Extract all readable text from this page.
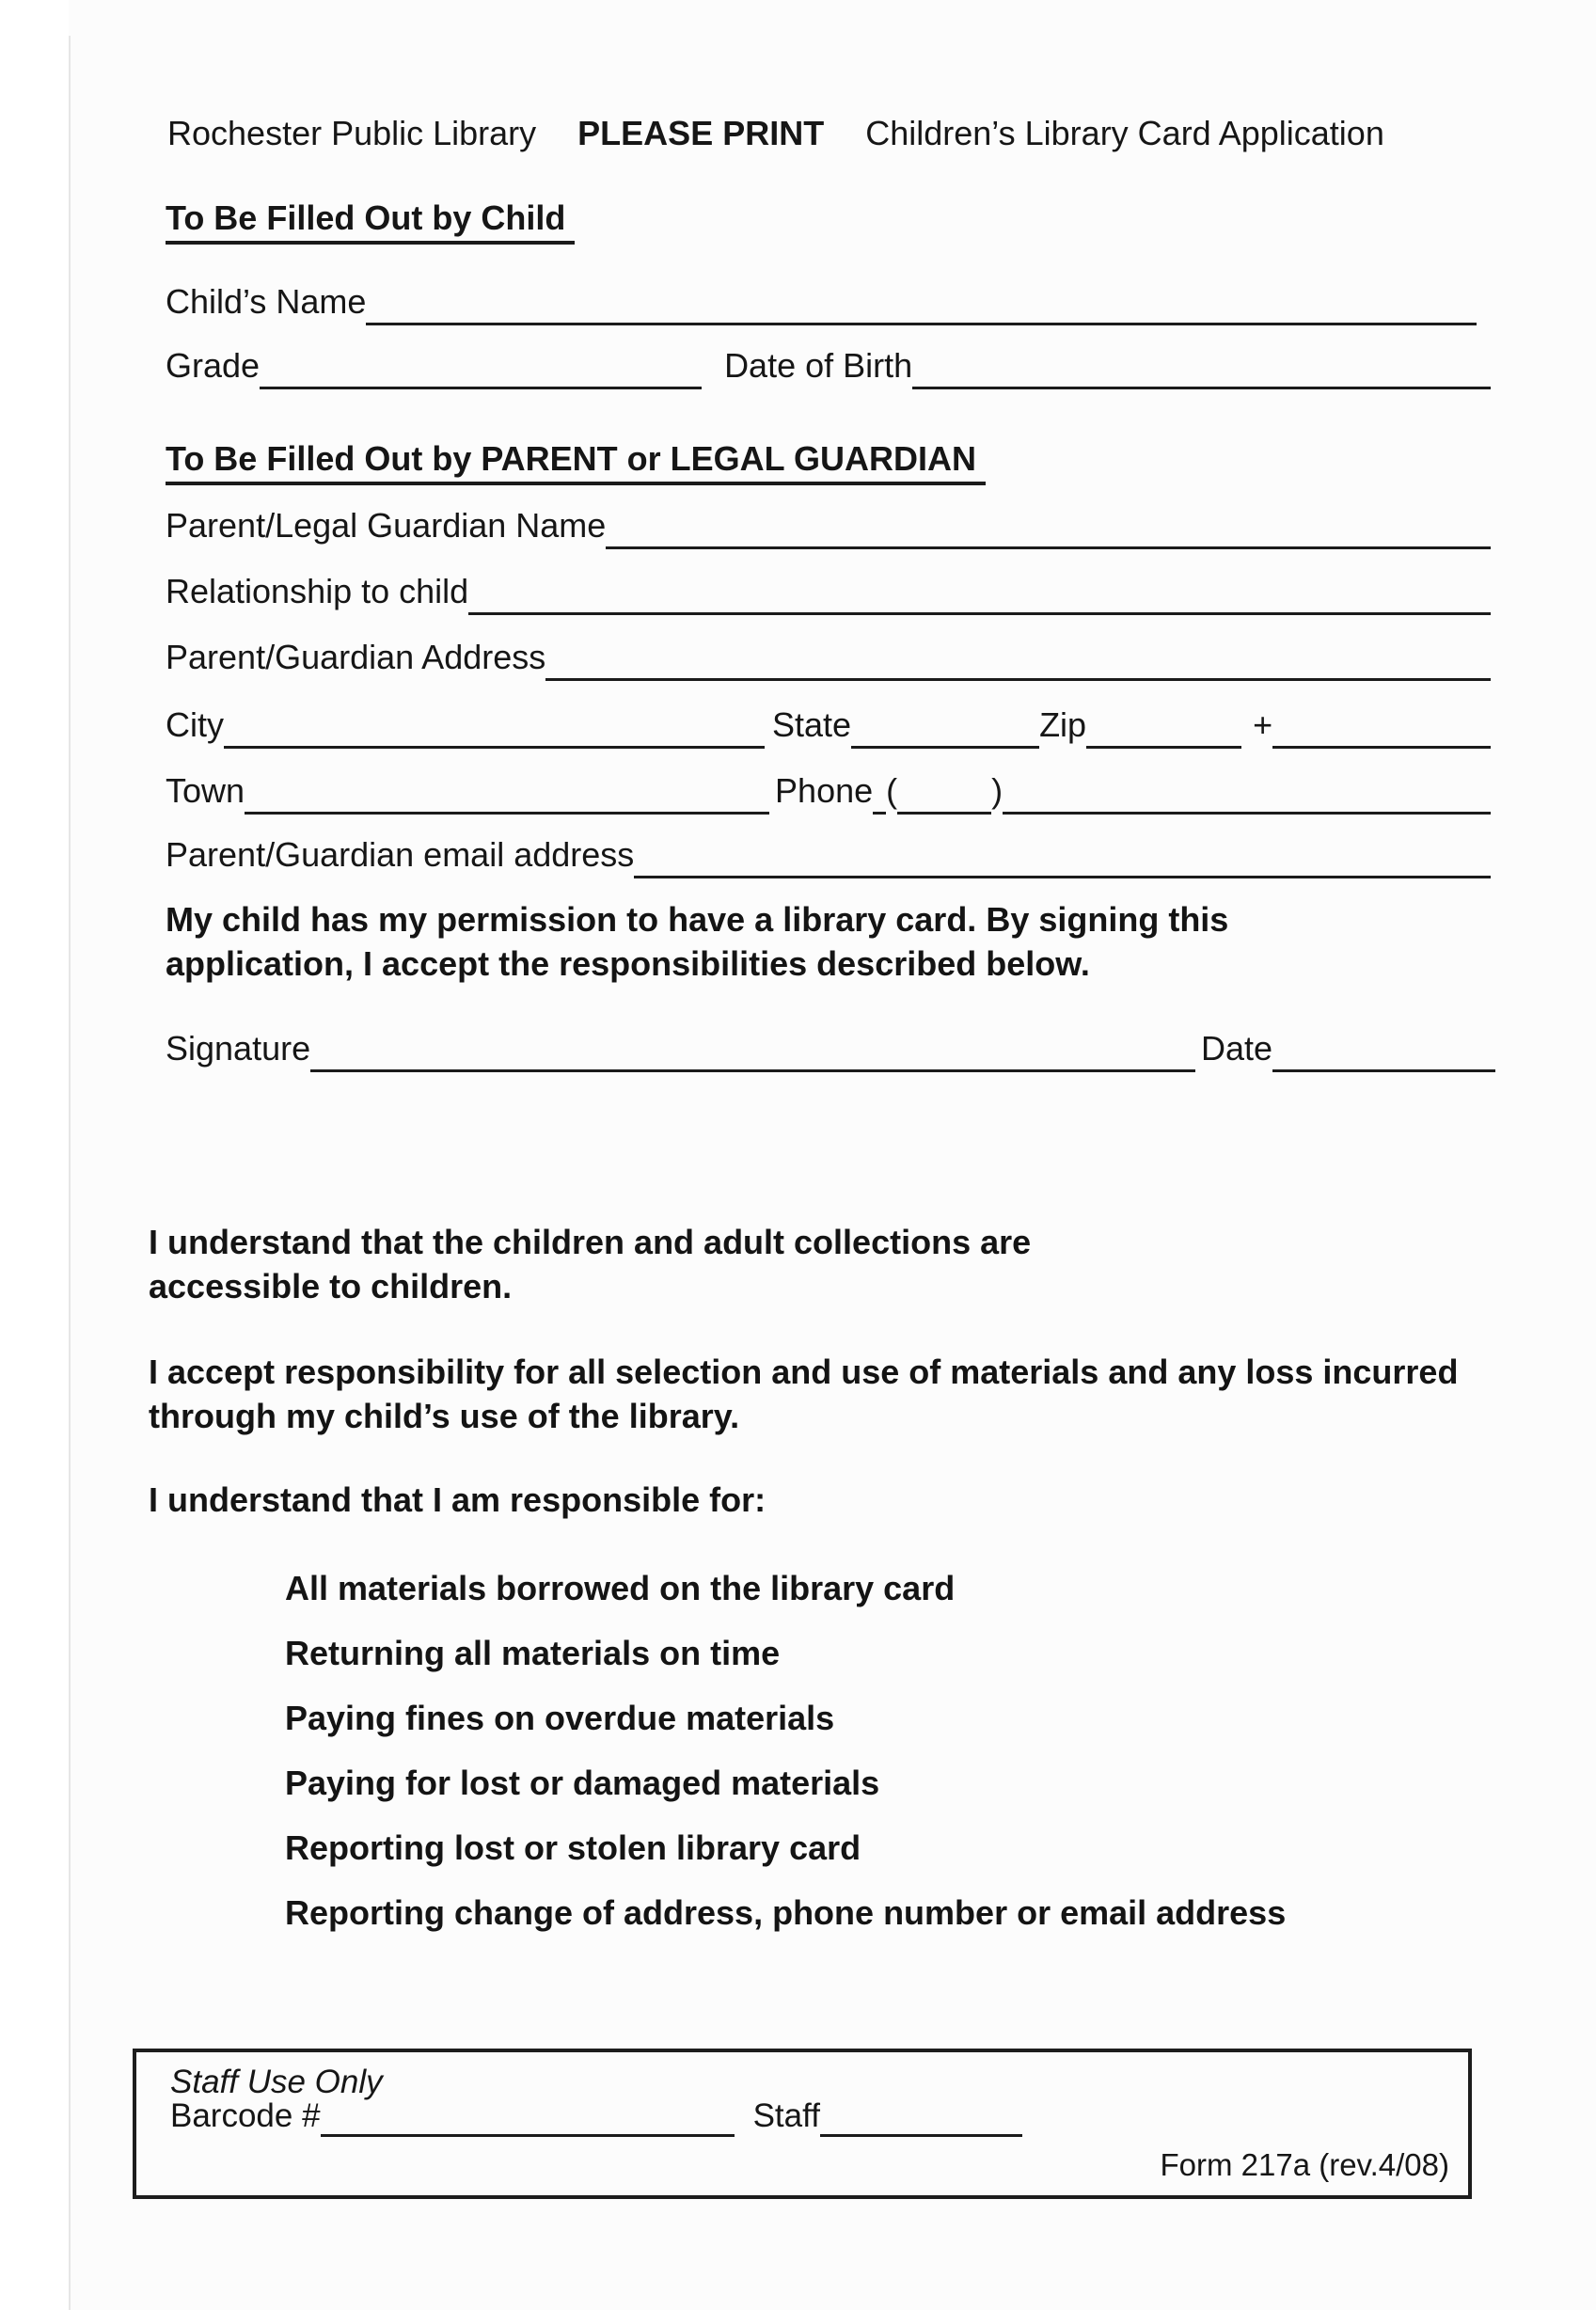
Rochester Public Library PLEASE PRINT Children’s Library Card Application
To Be Filled Out by Child
Child’s Name
Grade	Date of Birth
To Be Filled Out by PARENT or LEGAL GUARDIAN
Parent/Legal Guardian Name
Relationship to child
Parent/Guardian Address
City	State	Zip	+
Town	Phone (	)
Parent/Guardian email address
My child has my permission to have a library card. By signing this application, I accept the responsibilities described below.
Signature	Date
I understand that the children and adult collections are accessible to children.
I accept responsibility for all selection and use of materials and any loss incurred through my child’s use of the library.
I understand that I am responsible for:
All materials borrowed on the library card
Returning all materials on time
Paying fines on overdue materials
Paying for lost or damaged materials
Reporting lost or stolen library card
Reporting change of address, phone number or email address
Staff Use Only
Barcode #	Staff
Form 217a (rev.4/08)
